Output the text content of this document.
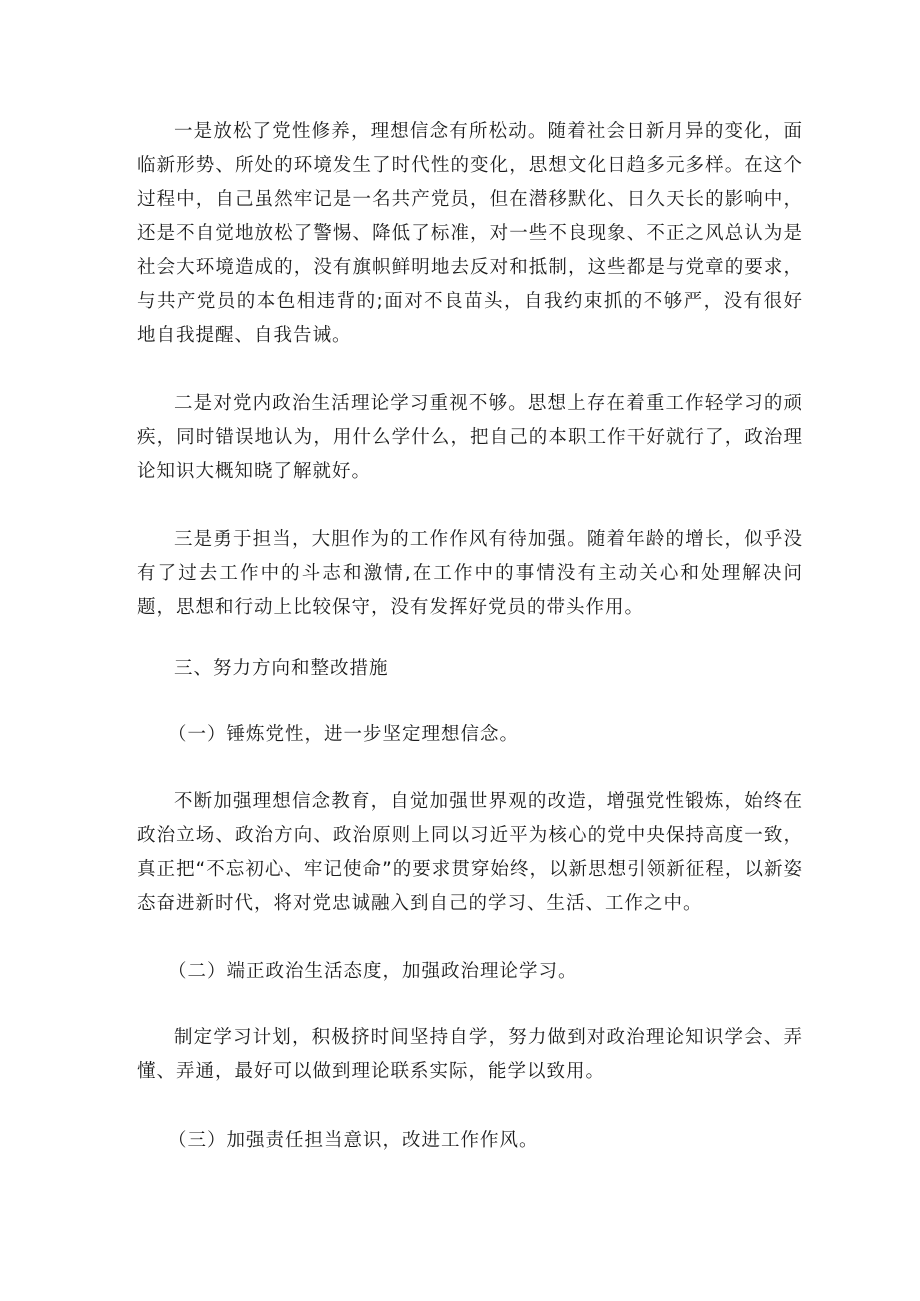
一是放松了党性修养，理想信念有所松动。随着社会日新月异的变化，面临新形势、所处的环境发生了时代性的变化，思想文化日趋多元多样。在这个过程中，自己虽然牢记是一名共产党员，但在潜移默化、日久天长的影响中，还是不自觉地放松了警惕、降低了标准，对一些不良现象、不正之风总认为是社会大环境造成的，没有旗帜鲜明地去反对和抵制，这些都是与党章的要求，与共产党员的本色相违背的;面对不良苗头，自我约束抓的不够严，没有很好地自我提醒、自我告诫。

二是对党内政治生活理论学习重视不够。思想上存在着重工作轻学习的顽疾，同时错误地认为，用什么学什么，把自己的本职工作干好就行了，政治理论知识大概知晓了解就好。

三是勇于担当，大胆作为的工作作风有待加强。随着年龄的增长，似乎没有了过去工作中的斗志和激情,在工作中的事情没有主动关心和处理解决问题，思想和行动上比较保守，没有发挥好党员的带头作用。

三、努力方向和整改措施

（一）锤炼党性，进一步坚定理想信念。

不断加强理想信念教育，自觉加强世界观的改造，增强党性锻炼，始终在政治立场、政治方向、政治原则上同以习近平为核心的党中央保持高度一致，真正把“不忘初心、牢记使命”的要求贯穿始终，以新思想引领新征程，以新姿态奋进新时代，将对党忠诚融入到自己的学习、生活、工作之中。

（二）端正政治生活态度，加强政治理论学习。

制定学习计划，积极挤时间坚持自学，努力做到对政治理论知识学会、弄懂、弄通，最好可以做到理论联系实际，能学以致用。

（三）加强责任担当意识，改进工作作风。
